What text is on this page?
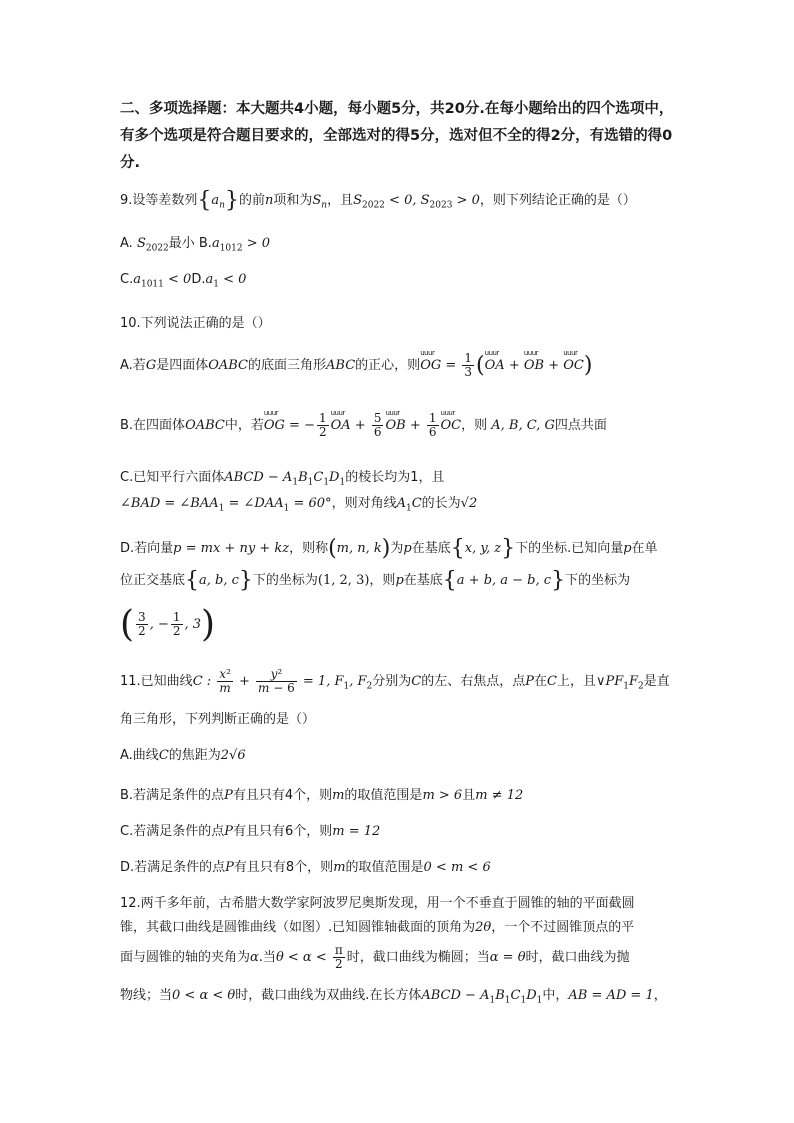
二、多项选择题：本大题共4小题，每小题5分，共20分.在每小题给出的四个选项中，有多个选项是符合题目要求的，全部选对的得5分，选对但不全的得2分，有选错的得0分.
9.设等差数列$\{a_n\}$的前n项和为$S_n$，且$S_{2022} < 0$, $S_{2023} > 0$，则下列结论正确的是（）
A. $S_{2022}$最小 $B.a_{1012} > 0$
$C.a_{1011} < 0D.a_1 < 0$
10.下列说法正确的是（）
A.若G是四面体OABC的底面三角形ABC的正心，则uuur OG = $\frac{1}{3}$ (uuur OA + uuur OB + uuur OC)
B.在四面体OABC中，若uuur OG = − $\frac{1}{2}$ uuur OA + $\frac{5}{6}$ uuur OB + $\frac{1}{6}$ uuur OC，则 A, B, C, G四点共面
C.已知平行六面体ABCD − $A_1B_1C_1D_1$的棱长均为1，且
∠BAD = $\angle BAA_1$ = $\angle DAA_1 = 60^\circ$，则对角线$A_1C$的长为√2
D.若向量p = mx + ny + kz，则称(m, n, k)为p在基底{x, y, z}下的坐标.已知向量p在单
位正交基底{a, b, c}下的坐标为(1, 2, 3)，则p在基底{a + b, a − b, c}下的坐标为
( $\frac{3}{2}$ , − $\frac{1}{2}$ , 3)
11.已知曲线C : $\frac{\text{x²}}{m} + \frac{\text{y²}}{m - 6} = 1$, $F_1$, $F_2$分别为C的左、右焦点，点P在C上，且$\vee PF_1F_2$是直
角三角形，下列判断正确的是（）
A.曲线C的焦距为2√6
B.若满足条件的点P有且只有4个，则m的取值范围是m > 6且m ≠ 12
C.若满足条件的点P有且只有6个，则m = 12
D.若满足条件的点P有且只有8个，则m的取值范围是0 < m < 6
12.两千多年前，古希腊大数学家阿波罗尼奥斯发现，用一个不垂直于圆锥的轴的平面截圆
锥，其截口曲线是圆锥曲线（如图）.已知圆锥轴截面的顶角为2θ，一个不过圆锥顶点的平
面与圆锥的轴的夹角为α.当$\theta < \alpha < \frac{\pi}{2}$ 时，截口曲线为椭圆；当α = θ时，截口曲线为抛
物线；当0 < α < θ时，截口曲线为双曲线.在长方体ABCD − $A_1B_1C_1D_1$中，AB = AD = 1，
